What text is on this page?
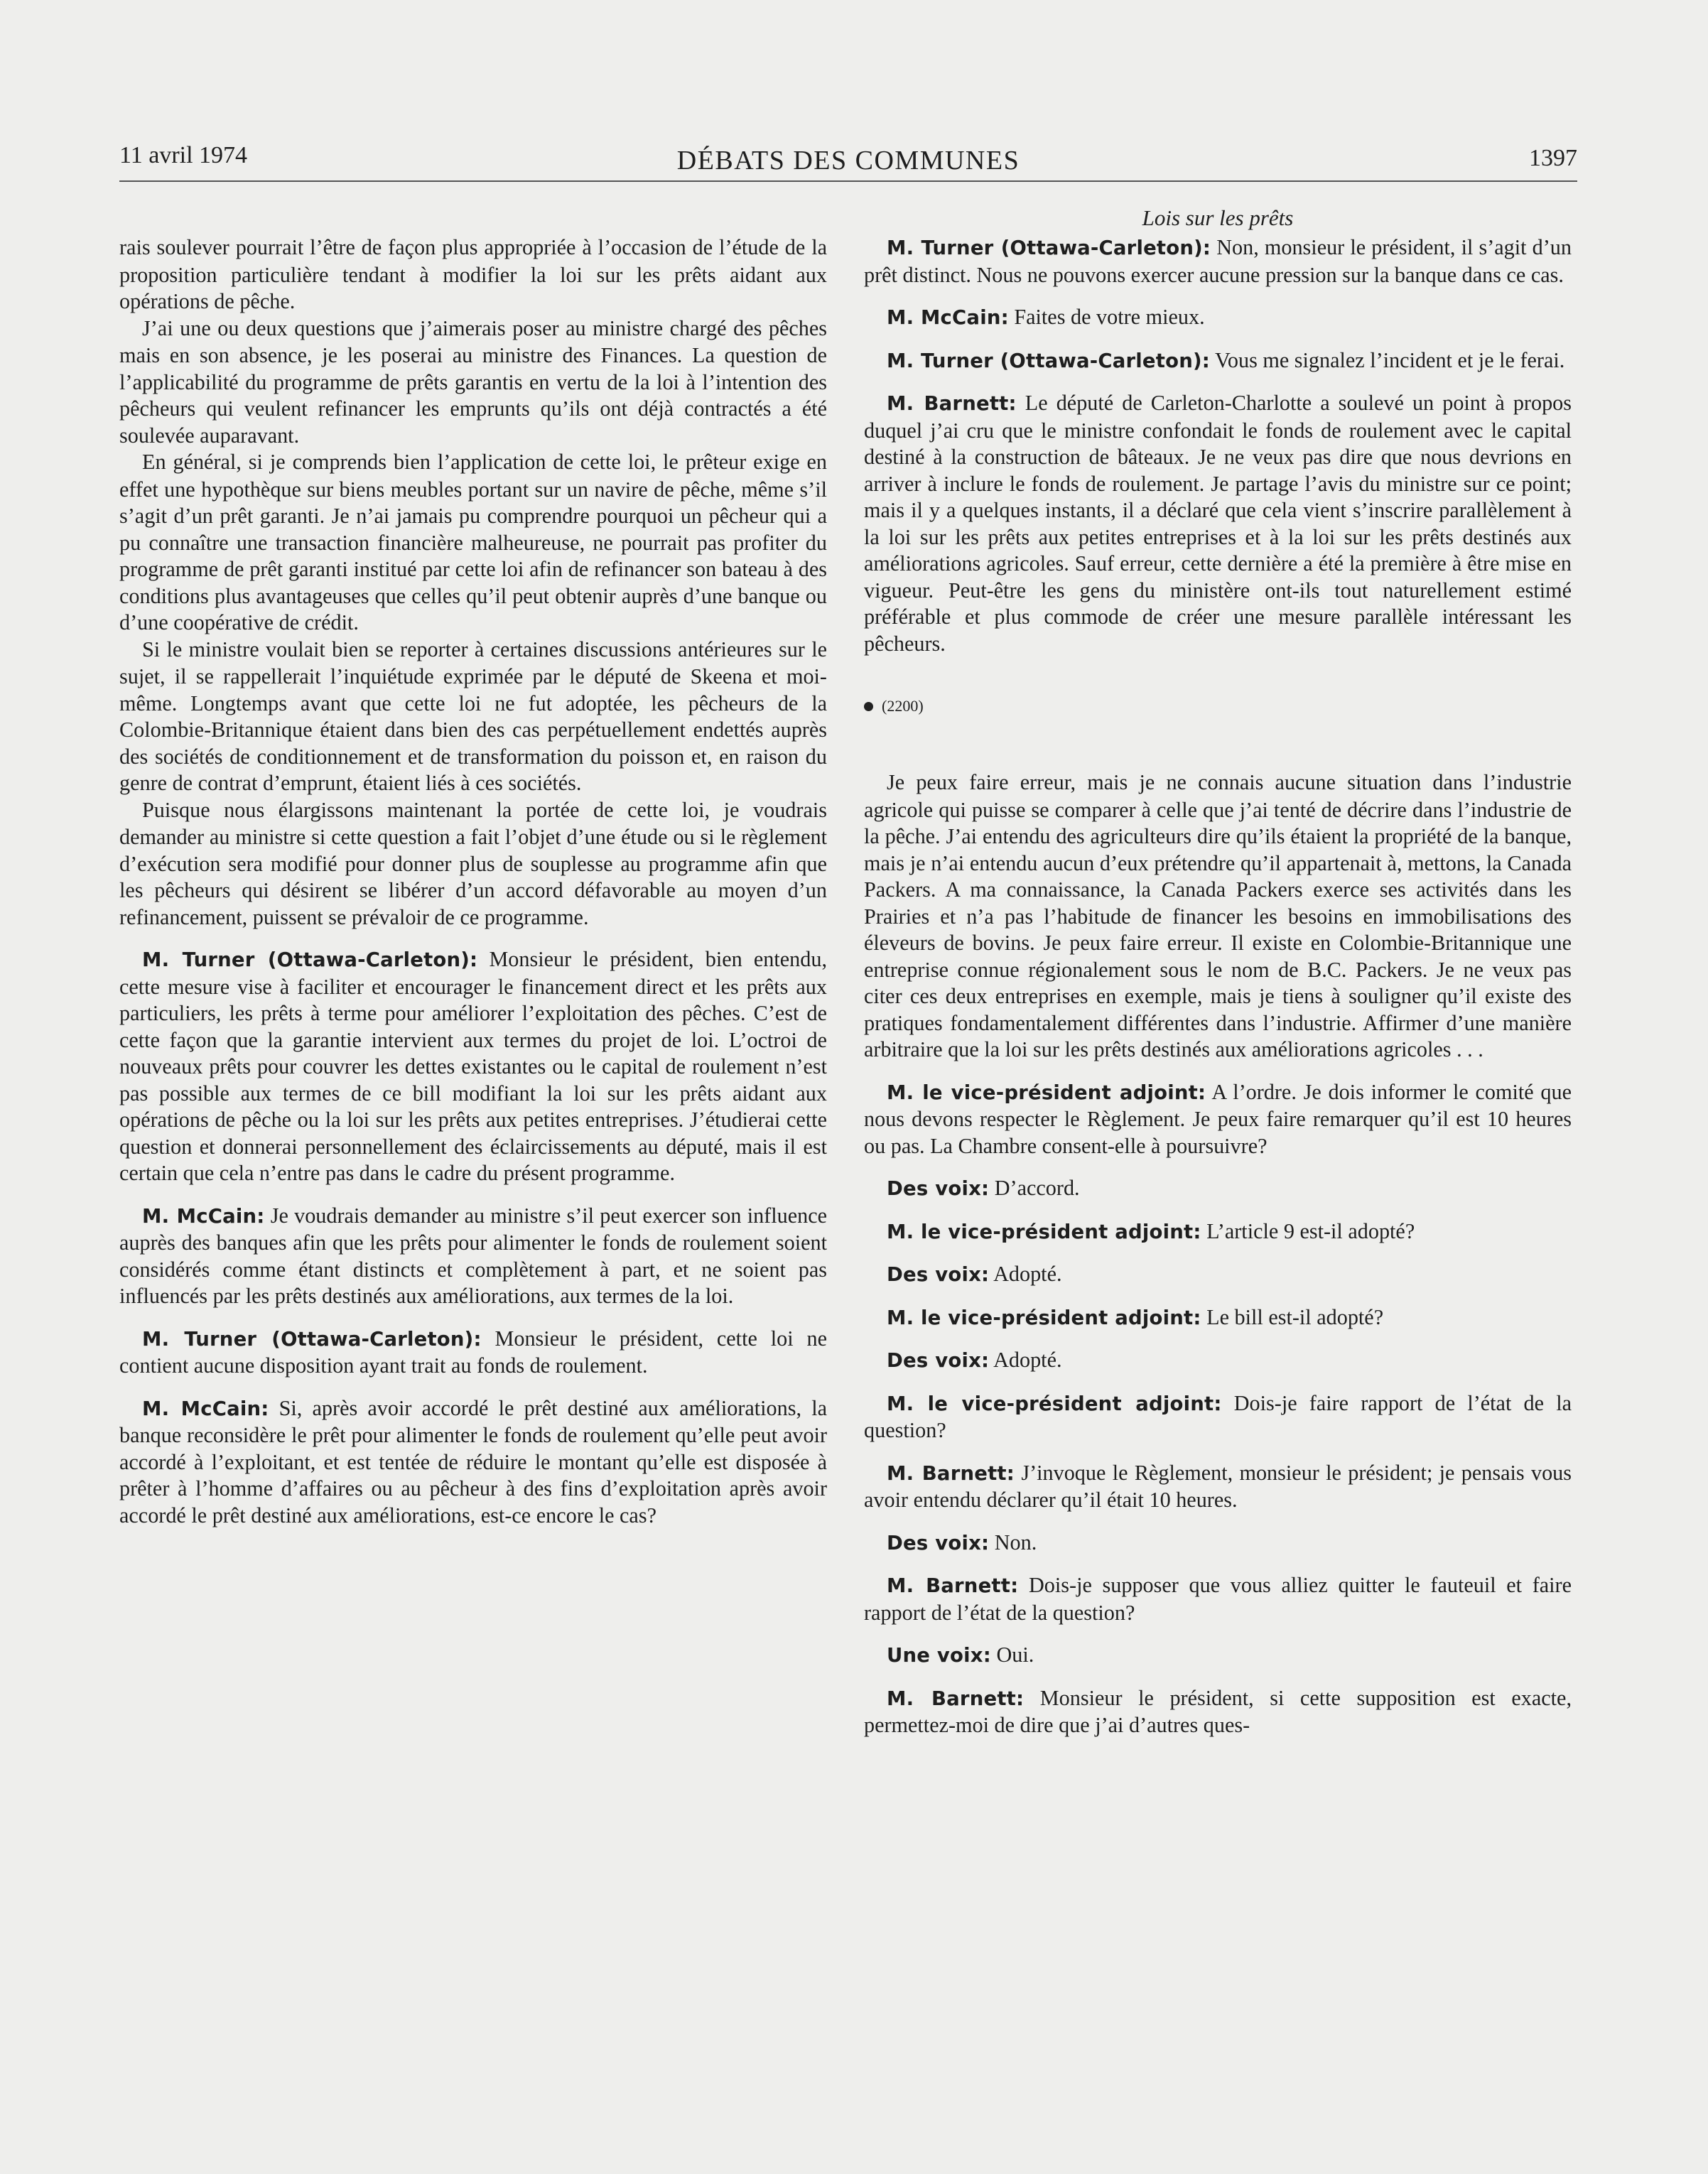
11 avril 1974	DÉBATS DES COMMUNES	1397

rais soulever pourrait l’être de façon plus appropriée à l’occasion de l’étude de la proposition particulière tendant à modifier la loi sur les prêts aidant aux opérations de pêche.

J’ai une ou deux questions que j’aimerais poser au ministre chargé des pêches mais en son absence, je les poserai au ministre des Finances. La question de l’applicabilité du programme de prêts garantis en vertu de la loi à l’intention des pêcheurs qui veulent refinancer les emprunts qu’ils ont déjà contractés a été soulevée auparavant.

En général, si je comprends bien l’application de cette loi, le prêteur exige en effet une hypothèque sur biens meubles portant sur un navire de pêche, même s’il s’agit d’un prêt garanti. Je n’ai jamais pu comprendre pourquoi un pêcheur qui a pu connaître une transaction financière malheureuse, ne pourrait pas profiter du programme de prêt garanti institué par cette loi afin de refinancer son bateau à des conditions plus avantageuses que celles qu’il peut obtenir auprès d’une banque ou d’une coopérative de crédit.

Si le ministre voulait bien se reporter à certaines discussions antérieures sur le sujet, il se rappellerait l’inquiétude exprimée par le député de Skeena et moi-même. Longtemps avant que cette loi ne fut adoptée, les pêcheurs de la Colombie-Britannique étaient dans bien des cas perpétuellement endettés auprès des sociétés de conditionnement et de transformation du poisson et, en raison du genre de contrat d’emprunt, étaient liés à ces sociétés.

Puisque nous élargissons maintenant la portée de cette loi, je voudrais demander au ministre si cette question a fait l’objet d’une étude ou si le règlement d’exécution sera modifié pour donner plus de souplesse au programme afin que les pêcheurs qui désirent se libérer d’un accord défavorable au moyen d’un refinancement, puissent se prévaloir de ce programme.

M. Turner (Ottawa-Carleton): Monsieur le président, bien entendu, cette mesure vise à faciliter et encourager le financement direct et les prêts aux particuliers, les prêts à terme pour améliorer l’exploitation des pêches. C’est de cette façon que la garantie intervient aux termes du projet de loi. L’octroi de nouveaux prêts pour couvrer les dettes existantes ou le capital de roulement n’est pas possible aux termes de ce bill modifiant la loi sur les prêts aidant aux opérations de pêche ou la loi sur les prêts aux petites entreprises. J’étudierai cette question et donnerai personnellement des éclaircissements au député, mais il est certain que cela n’entre pas dans le cadre du présent programme.

M. McCain: Je voudrais demander au ministre s’il peut exercer son influence auprès des banques afin que les prêts pour alimenter le fonds de roulement soient considérés comme étant distincts et complètement à part, et ne soient pas influencés par les prêts destinés aux améliorations, aux termes de la loi.

M. Turner (Ottawa-Carleton): Monsieur le président, cette loi ne contient aucune disposition ayant trait au fonds de roulement.

M. McCain: Si, après avoir accordé le prêt destiné aux améliorations, la banque reconsidère le prêt pour alimenter le fonds de roulement qu’elle peut avoir accordé à l’exploitant, et est tentée de réduire le montant qu’elle est disposée à prêter à l’homme d’affaires ou au pêcheur à des fins d’exploitation après avoir accordé le prêt destiné aux améliorations, est-ce encore le cas?

Lois sur les prêts

M. Turner (Ottawa-Carleton): Non, monsieur le président, il s’agit d’un prêt distinct. Nous ne pouvons exercer aucune pression sur la banque dans ce cas.

M. McCain: Faites de votre mieux.

M. Turner (Ottawa-Carleton): Vous me signalez l’incident et je le ferai.

M. Barnett: Le député de Carleton-Charlotte a soulevé un point à propos duquel j’ai cru que le ministre confondait le fonds de roulement avec le capital destiné à la construction de bâteaux. Je ne veux pas dire que nous devrions en arriver à inclure le fonds de roulement. Je partage l’avis du ministre sur ce point; mais il y a quelques instants, il a déclaré que cela vient s’inscrire parallèlement à la loi sur les prêts aux petites entreprises et à la loi sur les prêts destinés aux améliorations agricoles. Sauf erreur, cette dernière a été la première à être mise en vigueur. Peut-être les gens du ministère ont-ils tout naturellement estimé préférable et plus commode de créer une mesure parallèle intéressant les pêcheurs.

(2200)

Je peux faire erreur, mais je ne connais aucune situation dans l’industrie agricole qui puisse se comparer à celle que j’ai tenté de décrire dans l’industrie de la pêche. J’ai entendu des agriculteurs dire qu’ils étaient la propriété de la banque, mais je n’ai entendu aucun d’eux prétendre qu’il appartenait à, mettons, la Canada Packers. A ma connaissance, la Canada Packers exerce ses activités dans les Prairies et n’a pas l’habitude de financer les besoins en immobilisations des éleveurs de bovins. Je peux faire erreur. Il existe en Colombie-Britannique une entreprise connue régionalement sous le nom de B.C. Packers. Je ne veux pas citer ces deux entreprises en exemple, mais je tiens à souligner qu’il existe des pratiques fondamentalement différentes dans l’industrie. Affirmer d’une manière arbitraire que la loi sur les prêts destinés aux améliorations agricoles . . .

M. le vice-président adjoint: A l’ordre. Je dois informer le comité que nous devons respecter le Règlement. Je peux faire remarquer qu’il est 10 heures ou pas. La Chambre consent-elle à poursuivre?

Des voix: D’accord.

M. le vice-président adjoint: L’article 9 est-il adopté?

Des voix: Adopté.

M. le vice-président adjoint: Le bill est-il adopté?

Des voix: Adopté.

M. le vice-président adjoint: Dois-je faire rapport de l’état de la question?

M. Barnett: J’invoque le Règlement, monsieur le président; je pensais vous avoir entendu déclarer qu’il était 10 heures.

Des voix: Non.

M. Barnett: Dois-je supposer que vous alliez quitter le fauteuil et faire rapport de l’état de la question?

Une voix: Oui.

M. Barnett: Monsieur le président, si cette supposition est exacte, permettez-moi de dire que j’ai d’autres ques-
